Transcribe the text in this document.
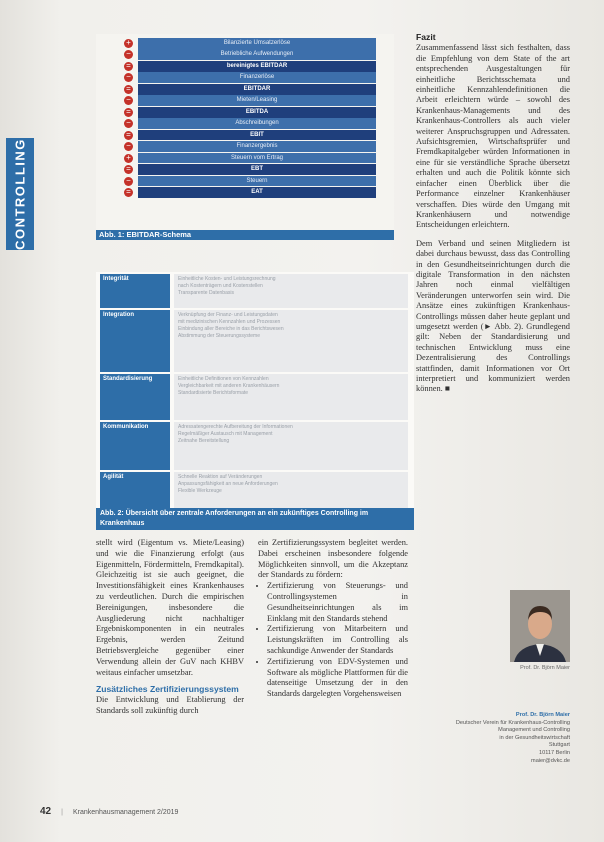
CONTROLLING
+	Bilanzierte Umsatzerlöse
−	Betriebliche Aufwendungen
=	bereinigtes EBITDAR
−	Finanzerlöse
=	EBITDAR
−	Mieten/Leasing
=	EBITDA
−	Abschreibungen
=	EBIT
−	Finanzergebnis
+	Steuern vom Ertrag
=	EBT
−	Steuern
=	EAT
Abb. 1: EBITDAR-Schema
Integrität	Einheitliche Kosten- und Leistungsrechnung
nach Kostenträgern und Kostenstellen
Transparente Datenbasis
Integration	Verknüpfung der Finanz- und Leistungsdaten
mit medizinischen Kennzahlen und Prozessen
Einbindung aller Bereiche in das Berichtswesen
Abstimmung der Steuerungssysteme
Standardisierung	Einheitliche Definitionen von Kennzahlen
Vergleichbarkeit mit anderen Krankenhäusern
Standardisierte Berichtsformate
Kommunikation	Adressatengerechte Aufbereitung der Informationen
Regelmäßiger Austausch mit Management
Zeitnahe Bereitstellung
Agilität	Schnelle Reaktion auf Veränderungen
Anpassungsfähigkeit an neue Anforderungen
Flexible Werkzeuge
Abb. 2: Übersicht über zentrale Anforderungen an ein zukünftiges Controlling im Krankenhaus

stellt wird (Eigentum vs. Miete/Leasing) und wie die Finanzierung erfolgt (aus Eigenmitteln, Fördermitteln, Fremdkapital). Gleichzeitig ist sie auch geeignet, die Investitionsfähigkeit eines Krankenhauses zu verdeutlichen. Durch die empirischen Bereinigungen, insbesondere die Ausgliederung nicht nachhaltiger Ergebniskomponenten in ein neutrales Ergebnis, werden Zeitund Betriebsvergleiche gegenüber einer Verwendung allein der GuV nach KHBV weitaus einfacher umsetzbar.

Zusätzliches Zertifizierungssystem

Die Entwicklung und Etablierung der Standards soll zukünftig durch

ein Zertifizierungssystem begleitet werden. Dabei erscheinen insbesondere folgende Möglichkeiten sinnvoll, um die Akzeptanz der Standards zu fördern:

• Zertifizierung von Steuerungs- und Controllingsystemen in Gesundheitseinrichtungen als im Einklang mit den Standards stehend
• Zertifizierung von Mitarbeitern und Leistungskräften im Controlling als sachkundige Anwender der Standards
• Zertifizierung von EDV-Systemen und Software als mögliche Plattformen für die datenseitige Umsetzung der in den Standards dargelegten Vorgehensweisen
Fazit

Zusammenfassend lässt sich festhalten, dass die Empfehlung von dem State of the art entsprechenden Ausgestaltungen für einheitliche Berichtsschemata und einheitliche Kennzahlendefinitionen die Arbeit erleichtern würde – sowohl des Krankenhaus-Managements und des Krankenhaus-Controllers als auch vieler weiterer Anspruchsgruppen und Adressaten. Aufsichtsgremien, Wirtschaftsprüfer und Fremdkapitalgeber würden Informationen in eine für sie verständliche Sprache übersetzt erhalten und auch die Politik könnte sich einfacher einen Überblick über die Performance einzelner Krankenhäuser verschaffen. Dies würde den Umgang mit Krankenhäusern und notwendige Entscheidungen erleichtern.

Dem Verband und seinen Mitgliedern ist dabei durchaus bewusst, dass das Controlling in den Gesundheitseinrichtungen durch die digitale Transformation in den nächsten Jahren noch einmal vielfältigen Veränderungen unterworfen sein wird. Die Ansätze eines zukünftigen Krankenhaus-Controllings müssen daher heute geplant und umgesetzt werden (► Abb. 2). Grundlegend gilt: Neben der Standardisierung und technischen Entwicklung muss eine Dezentralisierung des Controllings stattfinden, damit Informationen vor Ort interpretiert und kommuniziert werden können. ■

Prof. Dr. Björn Maier
Prof. Dr. Björn Maier
Deutscher Verein für Krankenhaus-Controlling
Management und Controlling
in der Gesundheitswirtschaft
Stuttgart
10117 Berlin
maier@dvkc.de
42 | Krankenhausmanagement 2/2019
